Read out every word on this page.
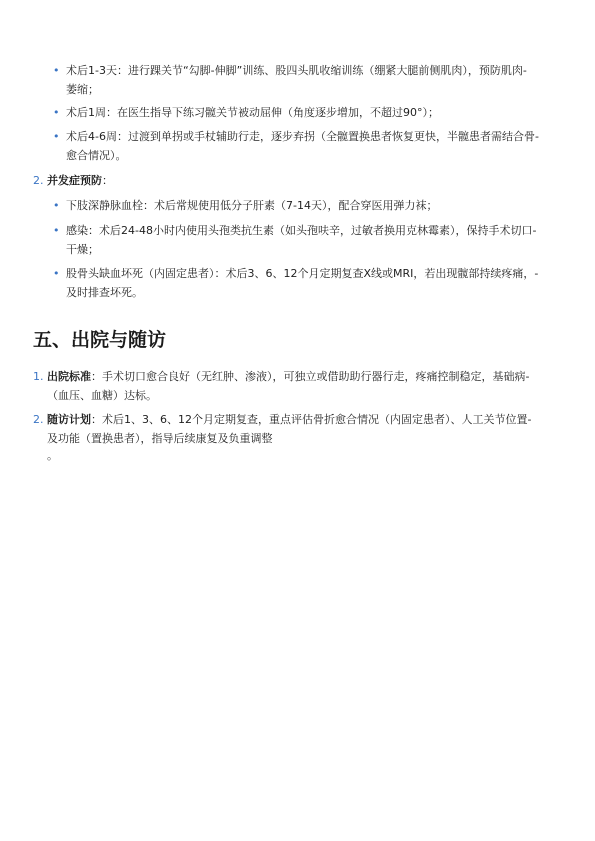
• 术后1-3天：进行踝关节“勾脚-伸脚”训练、股四头肌收缩训练（绷紧大腿前侧肌肉），预防肌肉-
萎缩；
• 术后1周：在医生指导下练习髋关节被动屈伸（角度逐步增加，不超过90°）；
• 术后4-6周：过渡到单拐或手杖辅助行走，逐步弃拐（全髋置换患者恢复更快，半髋患者需结合骨-
愈合情况）。
2. 并发症预防：
• 下肢深静脉血栓：术后常规使用低分子肝素（7-14天），配合穿医用弹力袜；
• 感染：术后24-48小时内使用头孢类抗生素（如头孢呋辛，过敏者换用克林霉素），保持手术切口-
干燥；
• 股骨头缺血坏死（内固定患者）：术后3、6、12个月定期复查X线或MRI，若出现髋部持续疼痛，-
及时排查坏死。
五、出院与随访
1. 出院标准：手术切口愈合良好（无红肿、渗液），可独立或借助助行器行走，疼痛控制稳定，基础病-
（血压、血糖）达标。
2. 随访计划：术后1、3、6、12个月定期复查，重点评估骨折愈合情况（内固定患者）、人工关节位置-
及功能（置换患者），指导后续康复及负重调整
。
